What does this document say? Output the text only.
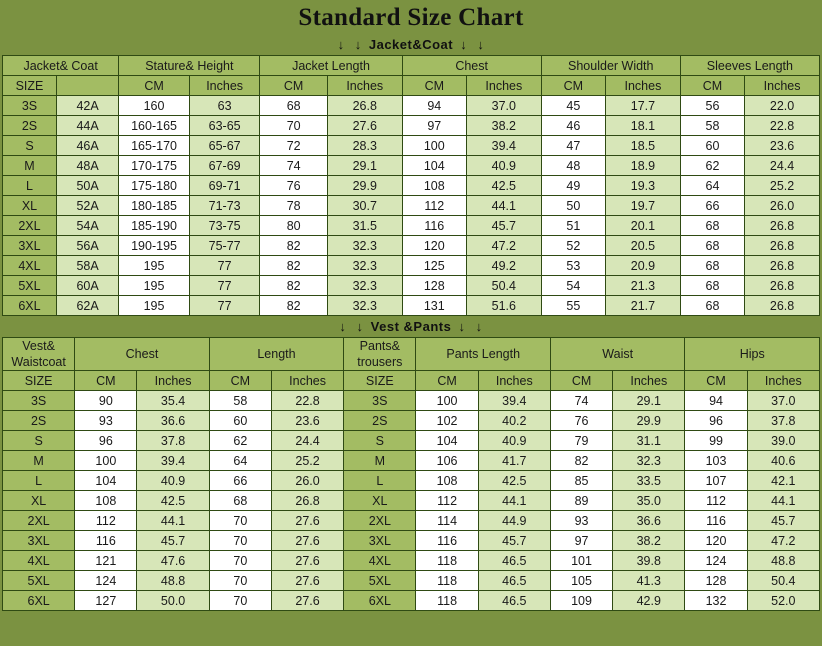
Standard Size Chart
↓ ↓ Jacket&Coat ↓ ↓
Jacket& Coat		Stature& Height		Jacket Length		Chest		Shoulder Width		Sleeves Length	
SIZE		CM	Inches	CM	Inches	CM	Inches	CM	Inches	CM	Inches
3S	42A	160	63	68	26.8	94	37.0	45	17.7	56	22.0
2S	44A	160-165	63-65	70	27.6	97	38.2	46	18.1	58	22.8
S	46A	165-170	65-67	72	28.3	100	39.4	47	18.5	60	23.6
M	48A	170-175	67-69	74	29.1	104	40.9	48	18.9	62	24.4
L	50A	175-180	69-71	76	29.9	108	42.5	49	19.3	64	25.2
XL	52A	180-185	71-73	78	30.7	112	44.1	50	19.7	66	26.0
2XL	54A	185-190	73-75	80	31.5	116	45.7	51	20.1	68	26.8
3XL	56A	190-195	75-77	82	32.3	120	47.2	52	20.5	68	26.8
4XL	58A	195	77	82	32.3	125	49.2	53	20.9	68	26.8
5XL	60A	195	77	82	32.3	128	50.4	54	21.3	68	26.8
6XL	62A	195	77	82	32.3	131	51.6	55	21.7	68	26.8
↓ ↓ Vest &Pants ↓ ↓
Vest& Waistcoat	Chest		Length		Pants& trousers	Pants Length		Waist		Hips	
SIZE	CM	Inches	CM	Inches	SIZE	CM	Inches	CM	Inches	CM	Inches
3S	90	35.4	58	22.8	3S	100	39.4	74	29.1	94	37.0
2S	93	36.6	60	23.6	2S	102	40.2	76	29.9	96	37.8
S	96	37.8	62	24.4	S	104	40.9	79	31.1	99	39.0
M	100	39.4	64	25.2	M	106	41.7	82	32.3	103	40.6
L	104	40.9	66	26.0	L	108	42.5	85	33.5	107	42.1
XL	108	42.5	68	26.8	XL	112	44.1	89	35.0	112	44.1
2XL	112	44.1	70	27.6	2XL	114	44.9	93	36.6	116	45.7
3XL	116	45.7	70	27.6	3XL	116	45.7	97	38.2	120	47.2
4XL	121	47.6	70	27.6	4XL	118	46.5	101	39.8	124	48.8
5XL	124	48.8	70	27.6	5XL	118	46.5	105	41.3	128	50.4
6XL	127	50.0	70	27.6	6XL	118	46.5	109	42.9	132	52.0
